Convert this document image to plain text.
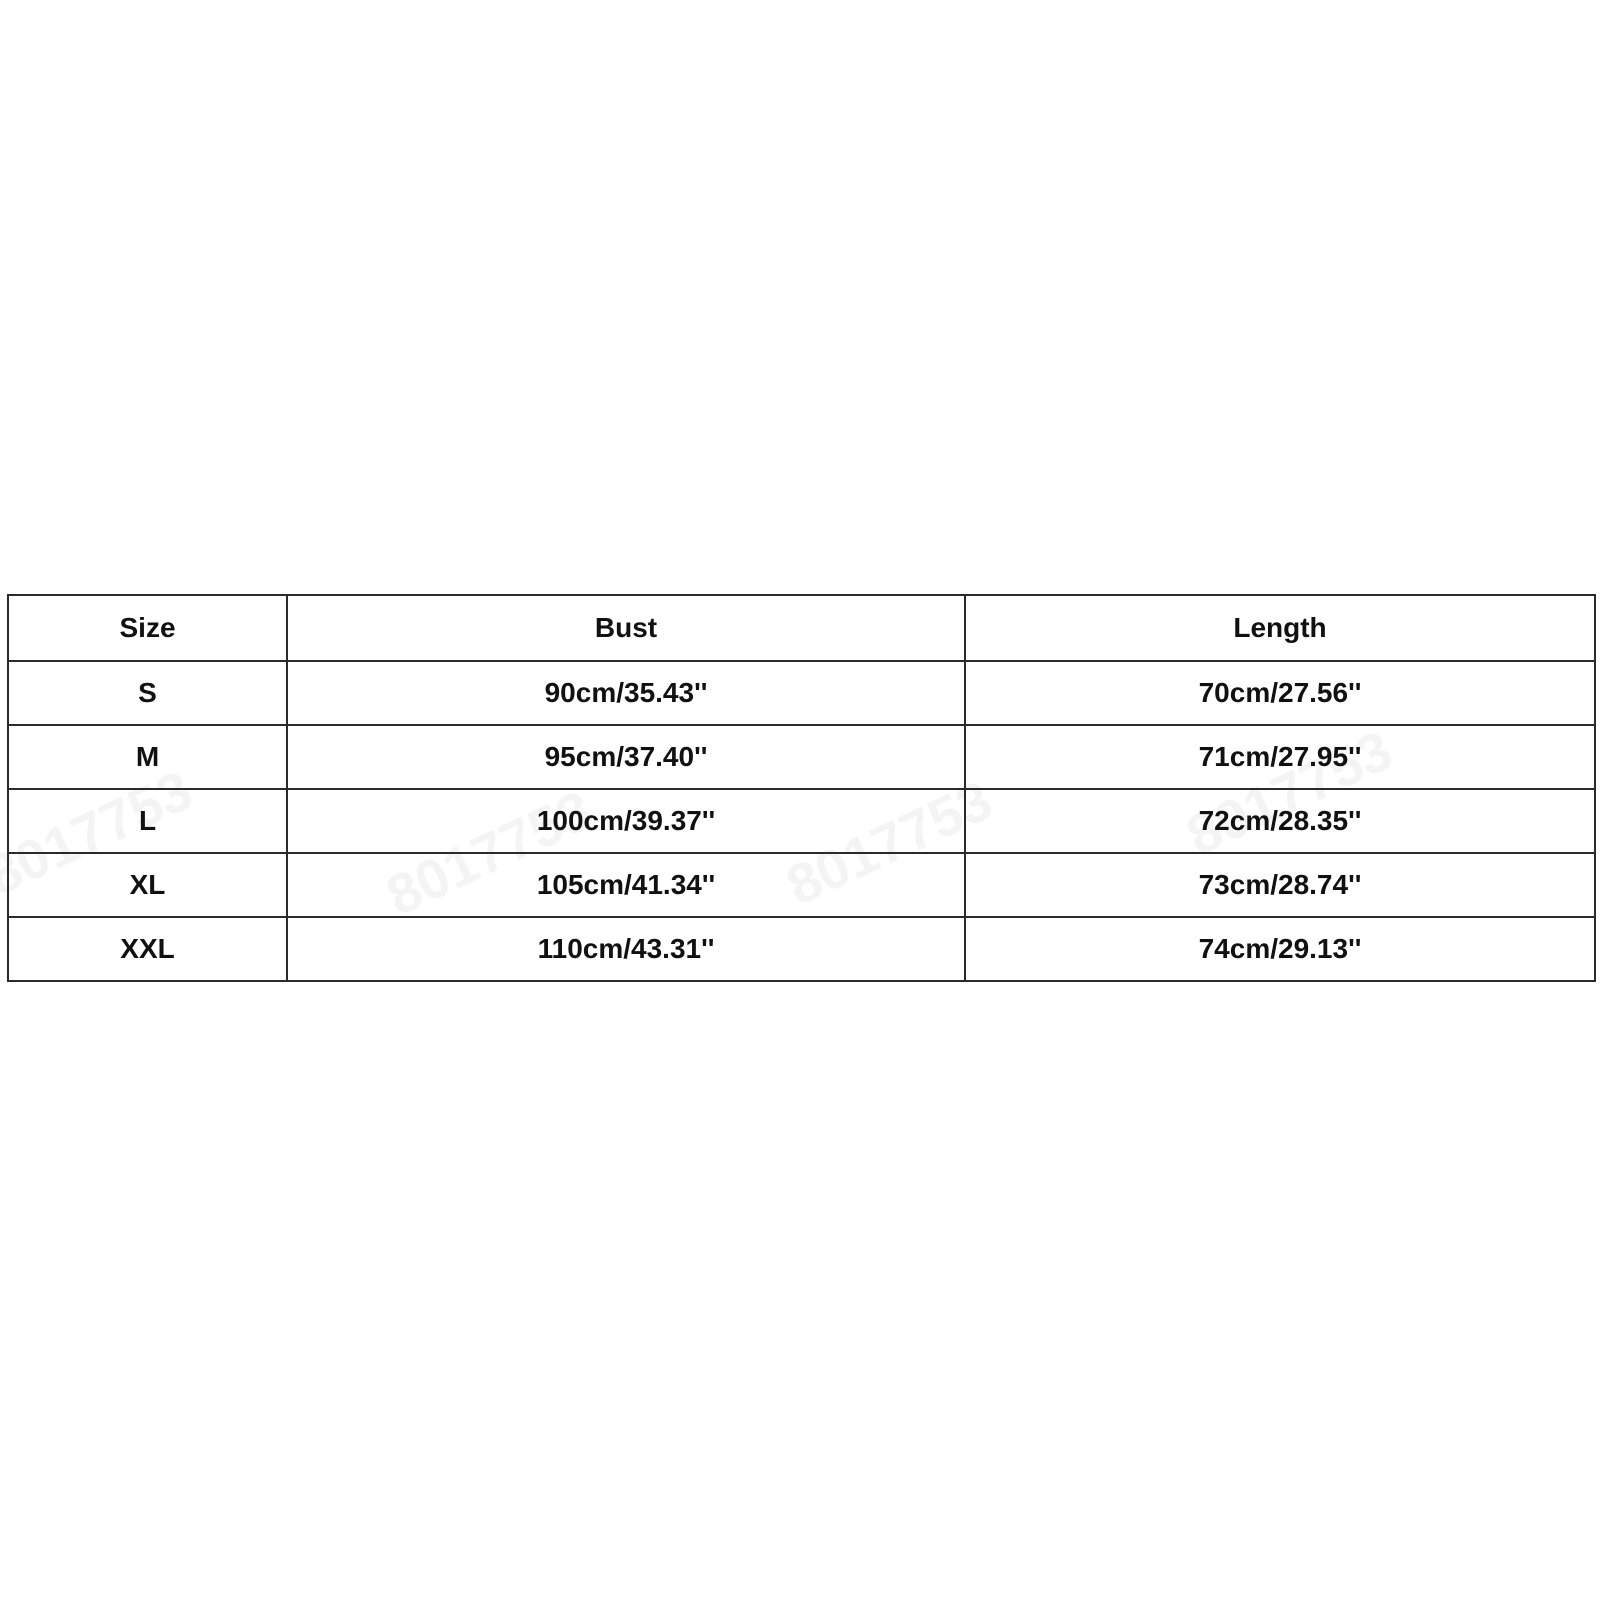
Size	Bust	Length
S	90cm/35.43''	70cm/27.56''
M	95cm/37.40''	71cm/27.95''
L	100cm/39.37''	72cm/28.35''
XL	105cm/41.34''	73cm/28.74''
XXL	110cm/43.31''	74cm/29.13''
